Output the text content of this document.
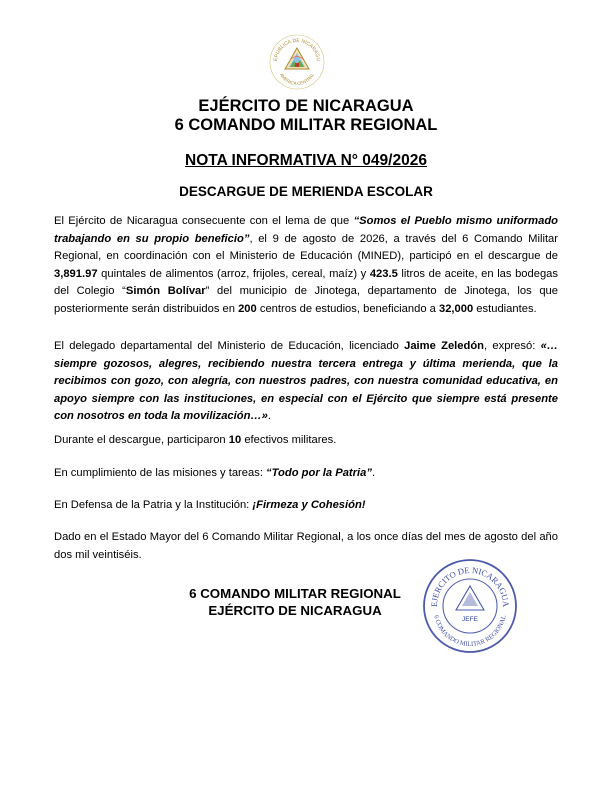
EPUBLICA DE NICARAGU
AMERICA CENTRAL
EJÉRCITO DE NICARAGUA
6 COMANDO MILITAR REGIONAL
NOTA INFORMATIVA N° 049/2026
DESCARGUE DE MERIENDA ESCOLAR

El Ejército de Nicaragua consecuente con el lema de que “Somos el Pueblo mismo uniformado trabajando en su propio beneficio”, el 9 de agosto de 2026, a través del 6 Comando Militar Regional, en coordinación con el Ministerio de Educación (MINED), participó en el descargue de 3,891.97 quintales de alimentos (arroz, frijoles, cereal, maíz) y 423.5 litros de aceite, en las bodegas del Colegio “Simón Bolívar” del municipio de Jinotega, departamento de Jinotega, los que posteriormente serán distribuidos en 200 centros de estudios, beneficiando a 32,000 estudiantes.

El delegado departamental del Ministerio de Educación, licenciado Jaime Zeledón, expresó: «…siempre gozosos, alegres, recibiendo nuestra tercera entrega y última merienda, que la recibimos con gozo, con alegría, con nuestros padres, con nuestra comunidad educativa, en apoyo siempre con las instituciones, en especial con el Ejército que siempre está presente con nosotros en toda la movilización…».

Durante el descargue, participaron 10 efectivos militares.

En cumplimiento de las misiones y tareas: “Todo por la Patria”.

En Defensa de la Patria y la Institución: ¡Firmeza y Cohesión!

Dado en el Estado Mayor del 6 Comando Militar Regional, a los once días del mes de agosto del año dos mil veintiséis.

6 COMANDO MILITAR REGIONAL
EJÉRCITO DE NICARAGUA	EJERCITO DE NICARAGUA
6 COMANDO MILITAR REGIONAL
JEFE
